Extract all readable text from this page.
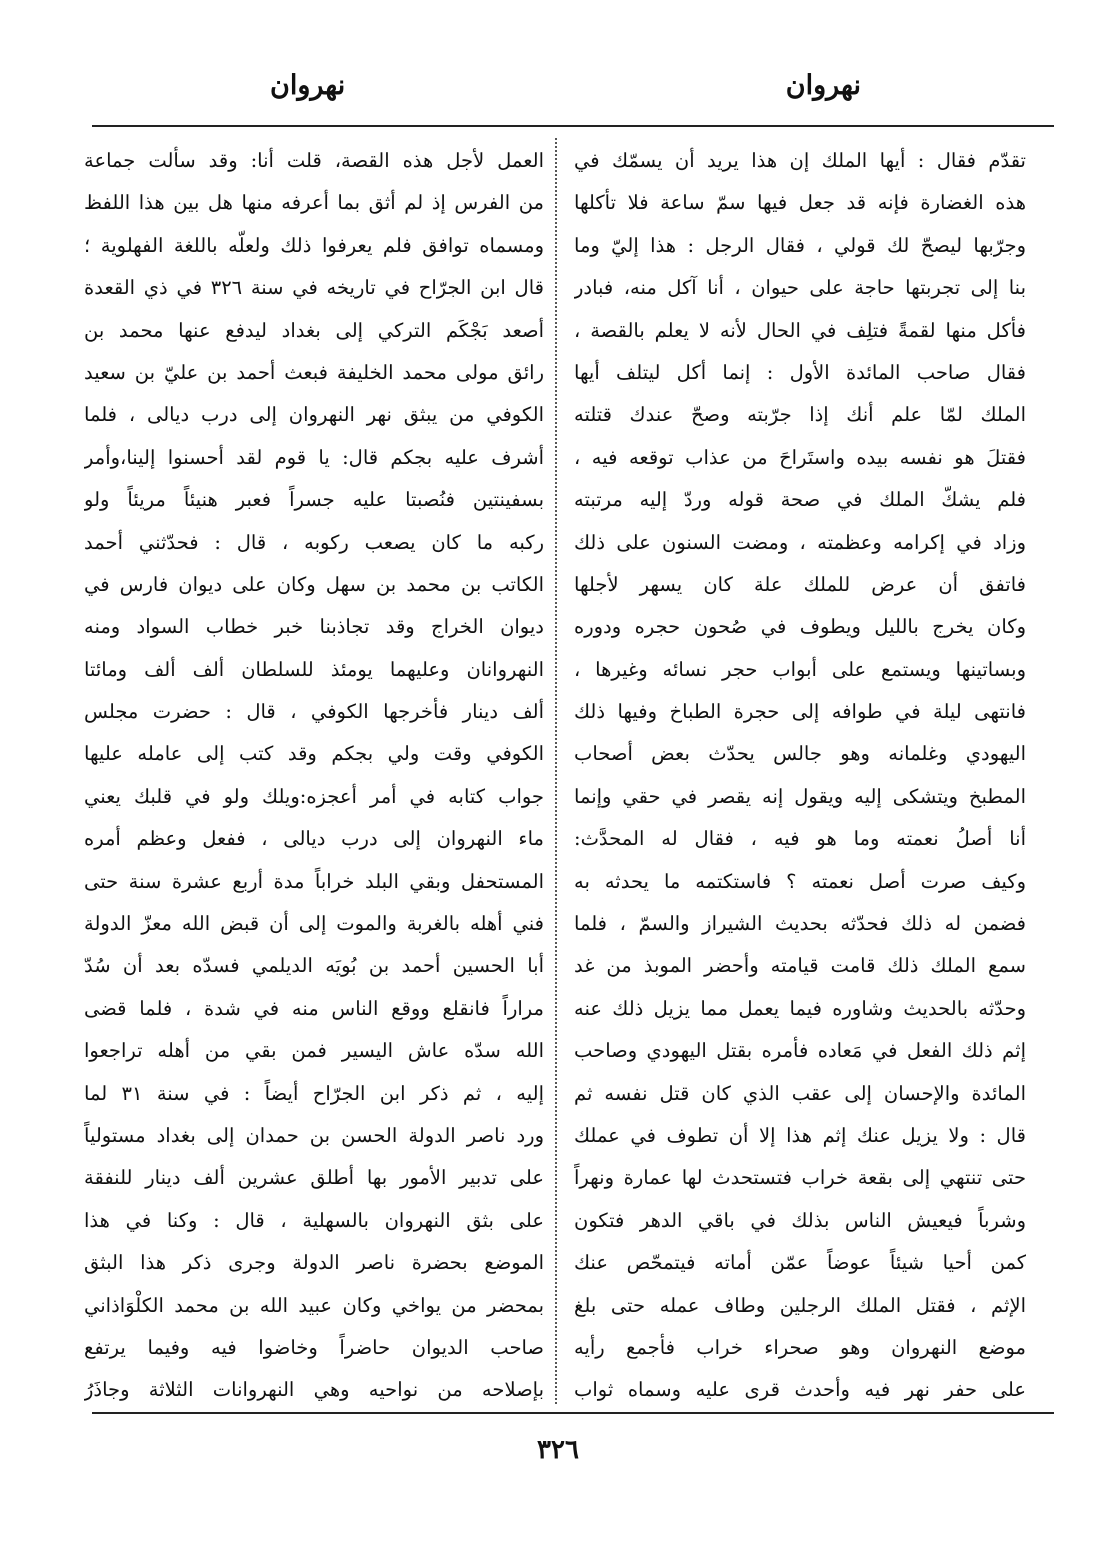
نهروان
نهروان
تقدّم فقال : أيها الملك إن هذا يريد أن يسمّك في
هذه الغضارة فإنه قد جعل فيها سمّ ساعة فلا تأكلها
وجرّبها ليصحّ لك قولي ، فقال الرجل : هذا إليّ وما
بنا إلى تجربتها حاجة على حيوان ، أنا آكل منه، فبادر
فأكل منها لقمةً فتلِف في الحال لأنه لا يعلم بالقصة ،
فقال صاحب المائدة الأول : إنما أكل ليتلف أيها
الملك لمّا علم أنك إذا جرّبته وصحّ عندك قتلته
فقتلَ هو نفسه بيده واستَراحَ من عذاب توقعه فيه ،
فلم يشكّ الملك في صحة قوله وردّ إليه مرتبته
وزاد في إكرامه وعظمته ، ومضت السنون على ذلك
فاتفق أن عرض للملك علة كان يسهر لأجلها
وكان يخرج بالليل ويطوف في صُحون حجره ودوره
وبساتينها ويستمع على أبواب حجر نسائه وغيرها ،
فانتهى ليلة في طوافه إلى حجرة الطباخ وفيها ذلك
اليهودي وغلمانه وهو جالس يحدّث بعض أصحاب
المطبخ ويتشكى إليه ويقول إنه يقصر في حقي وإنما
أنا أصلُ نعمته وما هو فيه ، فقال له المحدَّث:
وكيف صرت أصل نعمته ؟ فاستكتمه ما يحدثه به
فضمن له ذلك فحدّثه بحديث الشيراز والسمّ ، فلما
سمع الملك ذلك قامت قيامته وأحضر الموبذ من غد
وحدّثه بالحديث وشاوره فيما يعمل مما يزيل ذلك عنه
إثم ذلك الفعل في مَعاده فأمره بقتل اليهودي وصاحب
المائدة والإحسان إلى عقب الذي كان قتل نفسه ثم
قال : ولا يزيل عنك إثم هذا إلا أن تطوف في عملك
حتى تنتهي إلى بقعة خراب فتستحدث لها عمارة ونهراً
وشرباً فيعيش الناس بذلك في باقي الدهر فتكون
كمن أحيا شيئاً عوضاً عمّن أماته فيتمحّص عنك
الإثم ، فقتل الملك الرجلين وطاف عمله حتى بلغ
موضع النهروان وهو صحراء خراب فأجمع رأيه
على حفر نهر فيه وأحدث قرى عليه وسماه ثواب
العمل لأجل هذه القصة، قلت أنا: وقد سألت جماعة
من الفرس إذ لم أثق بما أعرفه منها هل بين هذا اللفظ
ومسماه توافق فلم يعرفوا ذلك ولعلّه باللغة الفهلوية ؛
قال ابن الجرّاح في تاريخه في سنة ٣٢٦ في ذي القعدة
أصعد بَجْكَم التركي إلى بغداد ليدفع عنها محمد بن
رائق مولى محمد الخليفة فبعث أحمد بن عليّ بن سعيد
الكوفي من يبثق نهر النهروان إلى درب ديالى ، فلما
أشرف عليه بجكم قال: يا قوم لقد أحسنوا إلينا،وأمر
بسفينتين فنُصبتا عليه جسراً فعبر هنيئاً مريئاً ولو
ركبه ما كان يصعب ركوبه ، قال : فحدّثني أحمد
الكاتب بن محمد بن سهل وكان على ديوان فارس في
ديوان الخراج وقد تجاذبنا خبر خطاب السواد ومنه
النهروانان وعليهما يومئذ للسلطان ألف ألف ومائتا
ألف دينار فأخرجها الكوفي ، قال : حضرت مجلس
الكوفي وقت ولي بجكم وقد كتب إلى عامله عليها
جواب كتابه في أمر أعجزه:ويلك ولو في قلبك يعني
ماء النهروان إلى درب ديالى ، ففعل وعظم أمره
المستحفل وبقي البلد خراباً مدة أربع عشرة سنة حتى
فني أهله بالغربة والموت إلى أن قبض الله معزّ الدولة
أبا الحسين أحمد بن بُويَه الديلمي فسدّه بعد أن سُدّ
مراراً فانقلع ووقع الناس منه في شدة ، فلما قضى
الله سدّه عاش اليسير فمن بقي من أهله تراجعوا
إليه ، ثم ذكر ابن الجرّاح أيضاً : في سنة ٣١ لما
ورد ناصر الدولة الحسن بن حمدان إلى بغداد مستولياً
على تدبير الأمور بها أطلق عشرين ألف دينار للنفقة
على بثق النهروان بالسهلية ، قال : وكنا في هذا
الموضع بحضرة ناصر الدولة وجرى ذكر هذا البثق
بمحضر من يواخي وكان عبيد الله بن محمد الكلْوَاذاني
صاحب الديوان حاضراً وخاضوا فيه وفيما يرتفع
بإصلاحه من نواحيه وهي النهروانات الثلاثة وجاذَرُ
٣٢٦
